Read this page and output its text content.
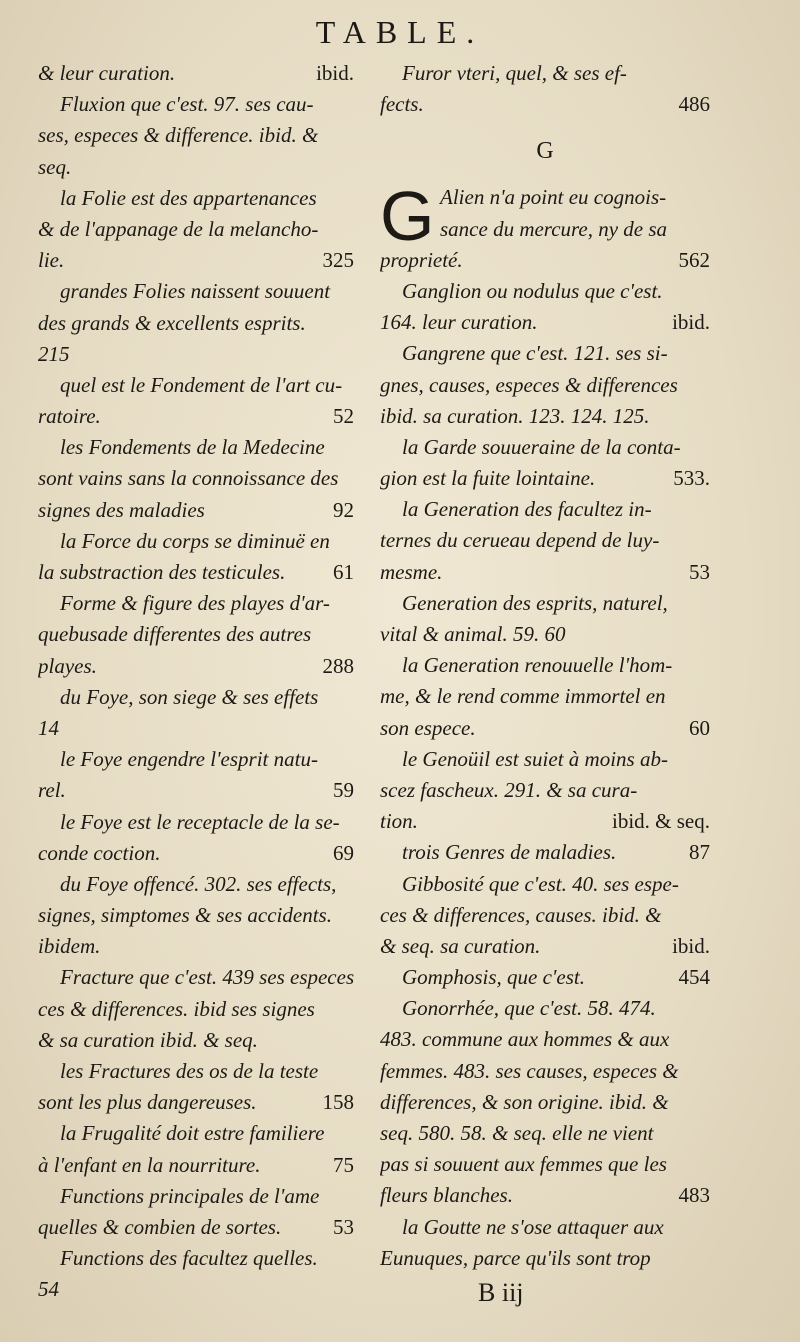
TABLE.
& leur curation.	ibid.
Fluxion que c'est. 97. ses cau-
ses, especes & difference. ibid. &
seq.
la Folie est des appartenances
& de l'appanage de la melancho-
lie.	325
grandes Folies naissent souuent
des grands & excellents esprits.
215
quel est le Fondement de l'art cu-
ratoire.	52
les Fondements de la Medecine
sont vains sans la connoissance des
signes des maladies	92
la Force du corps se diminuë en
la substraction des testicules. 61
Forme & figure des playes d'ar-
quebusade differentes des autres
playes.	288
du Foye, son siege & ses effets
14
le Foye engendre l'esprit natu-
rel.	59
le Foye est le receptacle de la se-
conde coction.	69
du Foye offencé. 302. ses effects,
signes, simptomes & ses accidents.
ibidem.
Fracture que c'est. 439 ses especes
ces & differences. ibid ses signes
& sa curation ibid. & seq.
les Fractures des os de la teste
sont les plus dangereuses.	158
la Frugalité doit estre familiere
à l'enfant en la nourriture.	75
Functions principales de l'ame
quelles & combien de sortes. 53
Functions des facultez quelles.
54
Furor vteri, quel, & ses ef-
fects.	486
G
G Alien n'a point eu cognois-
sance du mercure, ny de sa
proprieté.	562
Ganglion ou nodulus que c'est.
164. leur curation.	ibid.
Gangrene que c'est. 121. ses si-
gnes, causes, especes & differences
ibid. sa curation. 123. 124. 125.
la Garde souueraine de la conta-
gion est la fuite lointaine.	533.
la Generation des facultez in-
ternes du cerueau depend de luy-
mesme.	53
Generation des esprits, naturel,
vital & animal. 59. 60
la Generation renouuelle l'hom-
me, & le rend comme immortel en
son espece.	60
le Genoüil est suiet à moins ab-
scez fascheux. 291. & sa cura-
tion.	ibid. & seq.
trois Genres de maladies.	87
Gibbosité que c'est. 40. ses espe-
ces & differences, causes. ibid. &
& seq. sa curation.	ibid.
Gomphosis, que c'est.	454
Gonorrhée, que c'est. 58. 474.
483. commune aux hommes & aux
femmes. 483. ses causes, especes &
differences, & son origine. ibid. &
seq. 580. 58. & seq. elle ne vient
pas si souuent aux femmes que les
fleurs blanches.	483
la Goutte ne s'ose attaquer aux
Eunuques, parce qu'ils sont trop
B iij
